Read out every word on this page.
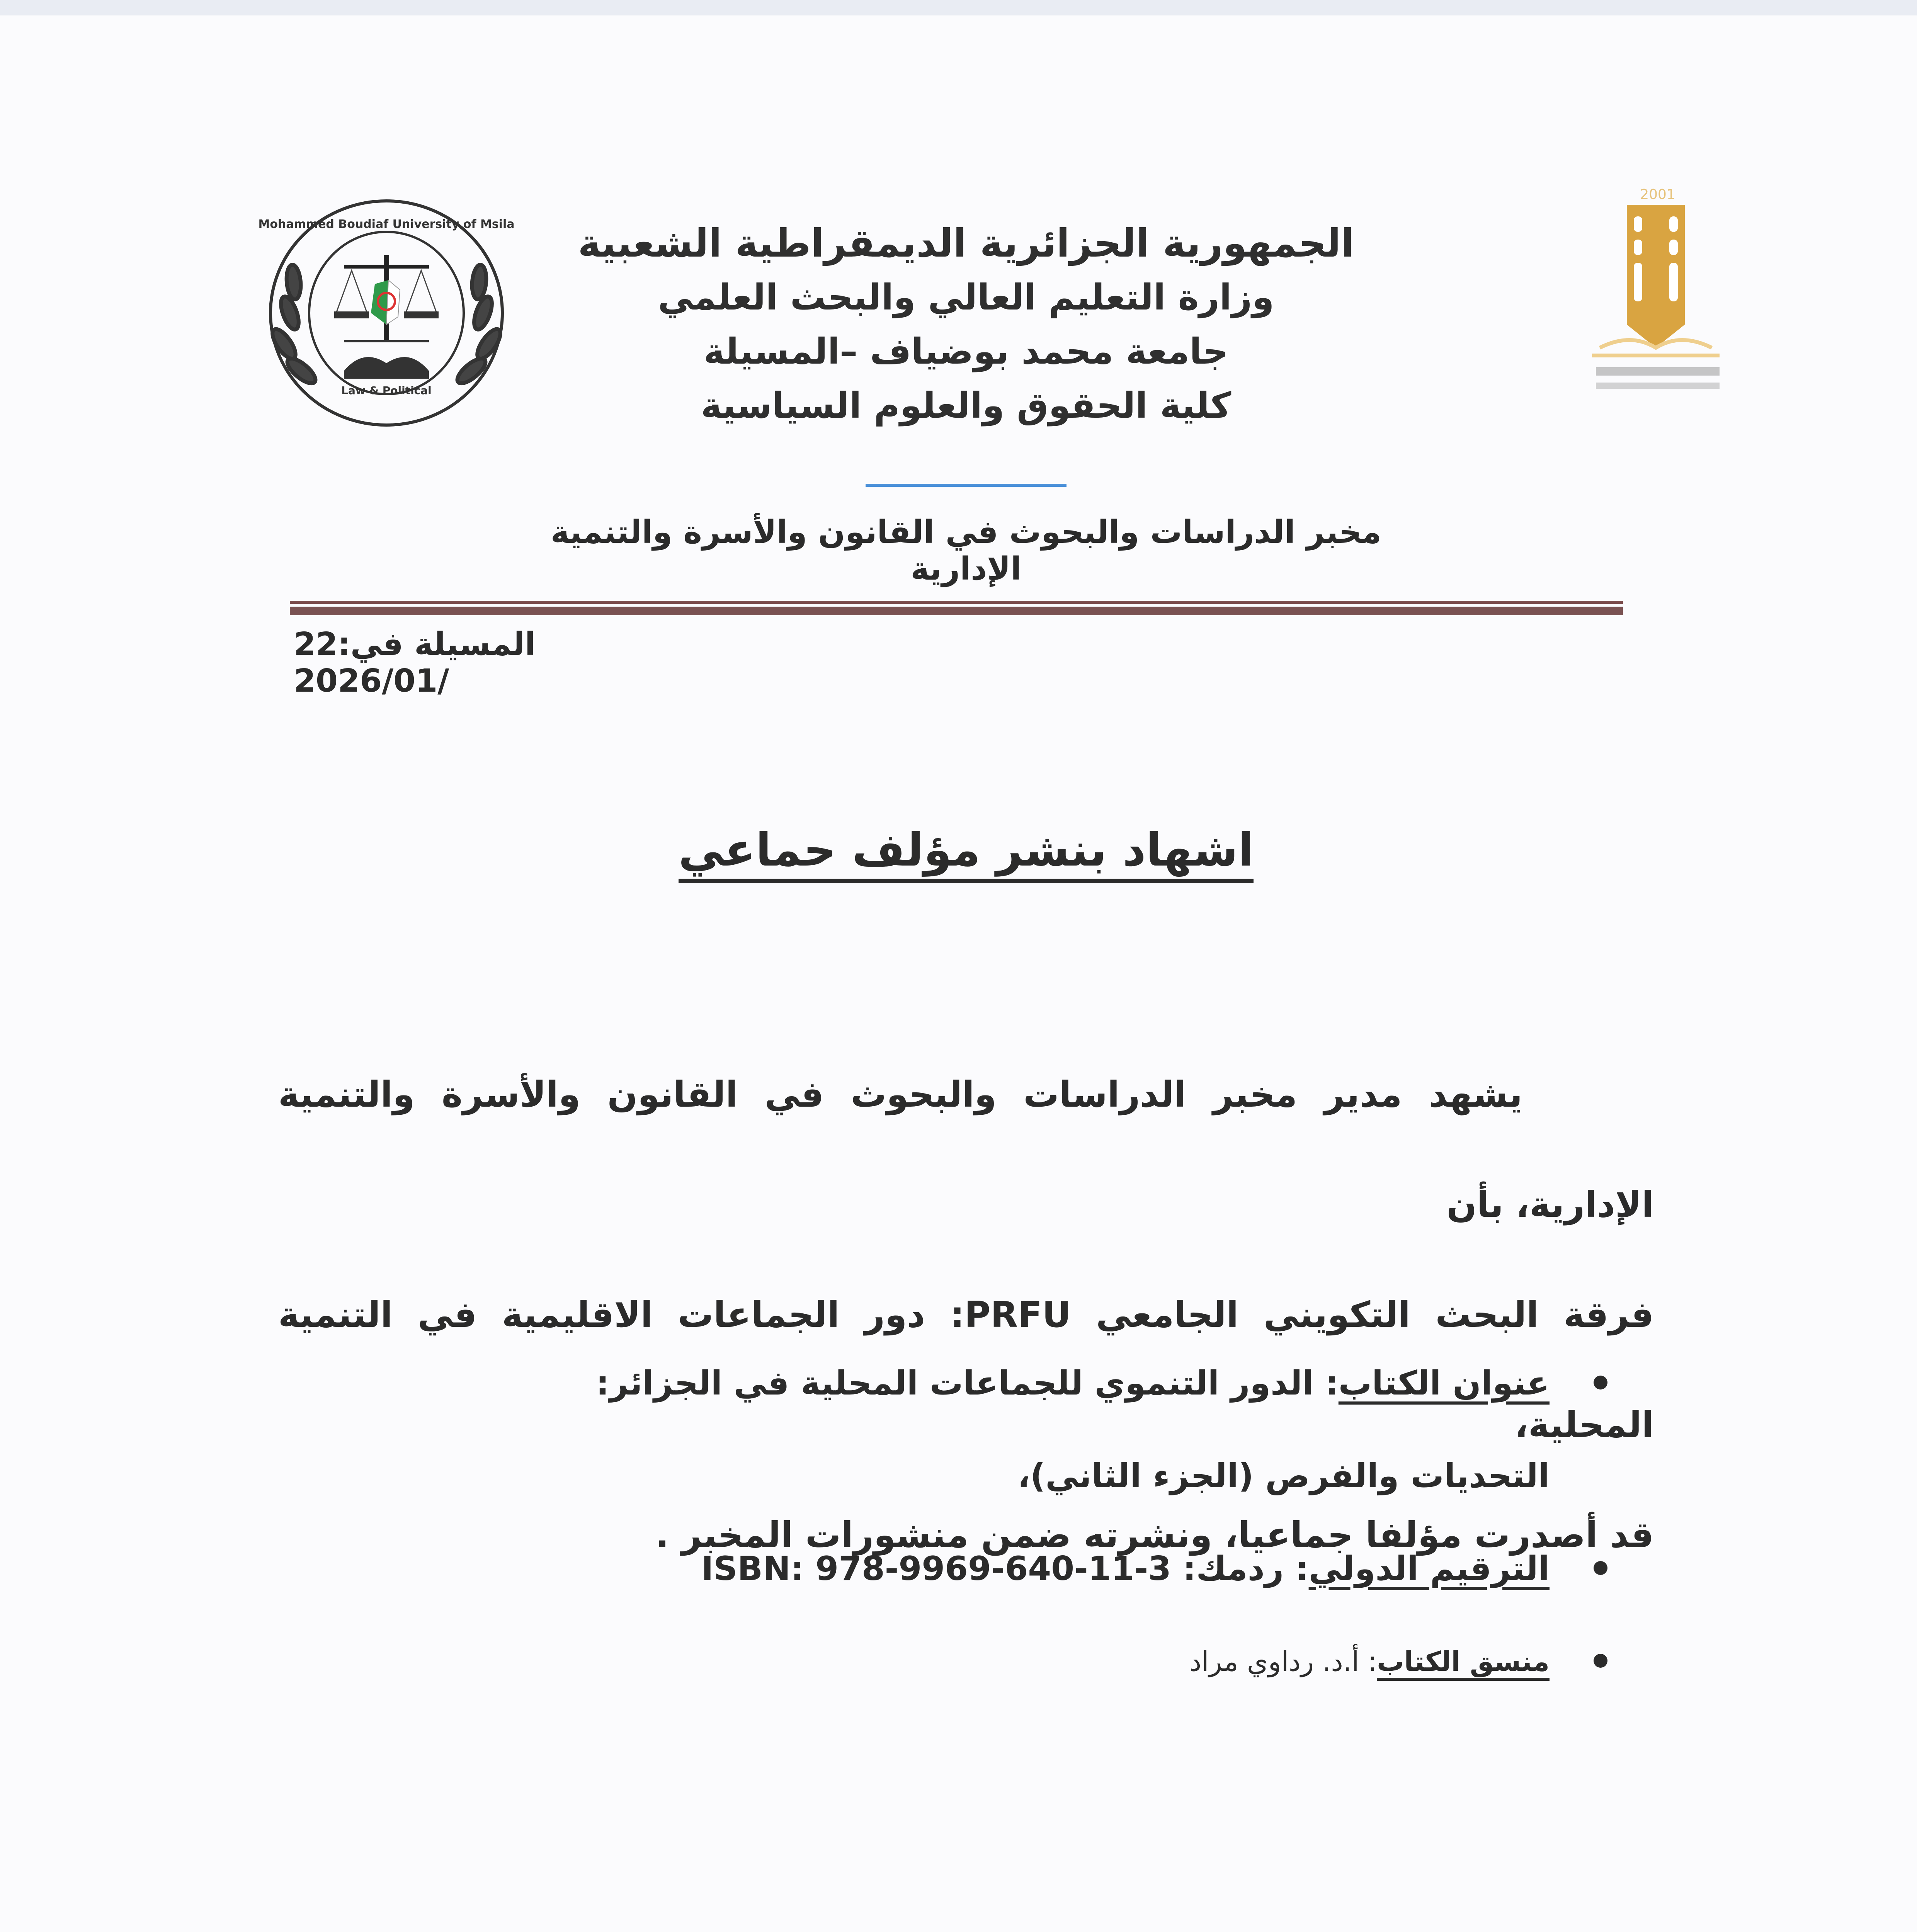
Mohammed Boudiaf University of Msila
Law & Political
الجمهورية الجزائرية الديمقراطية الشعبية
وزارة التعليم العالي والبحث العلمي
جامعة محمد بوضياف –المسيلة
كلية الحقوق والعلوم السياسية
مخبر الدراسات والبحوث في القانون والأسرة والتنمية الإدارية
2001
المسيلة في:22 /2026/01
اشهاد بنشر مؤلف حماعي
يشهد مدير مخبر الدراسات والبحوث في القانون والأسرة والتنمية الإدارية، بأن
فرقة البحث التكويني الجامعي PRFU: دور الجماعات الاقليمية في التنمية المحلية،
قد أصدرت مؤلفا جماعيا، ونشرته ضمن منشورات المخبر .
عنوان الكتاب: الدور التنموي للجماعات المحلية في الجزائر:
التحديات والفرص (الجزء الثاني)،
الترقيم الدولي: ردمك: ISBN: 978-9969-640-11-3
منسق الكتاب: أ.د. رداوي مراد
